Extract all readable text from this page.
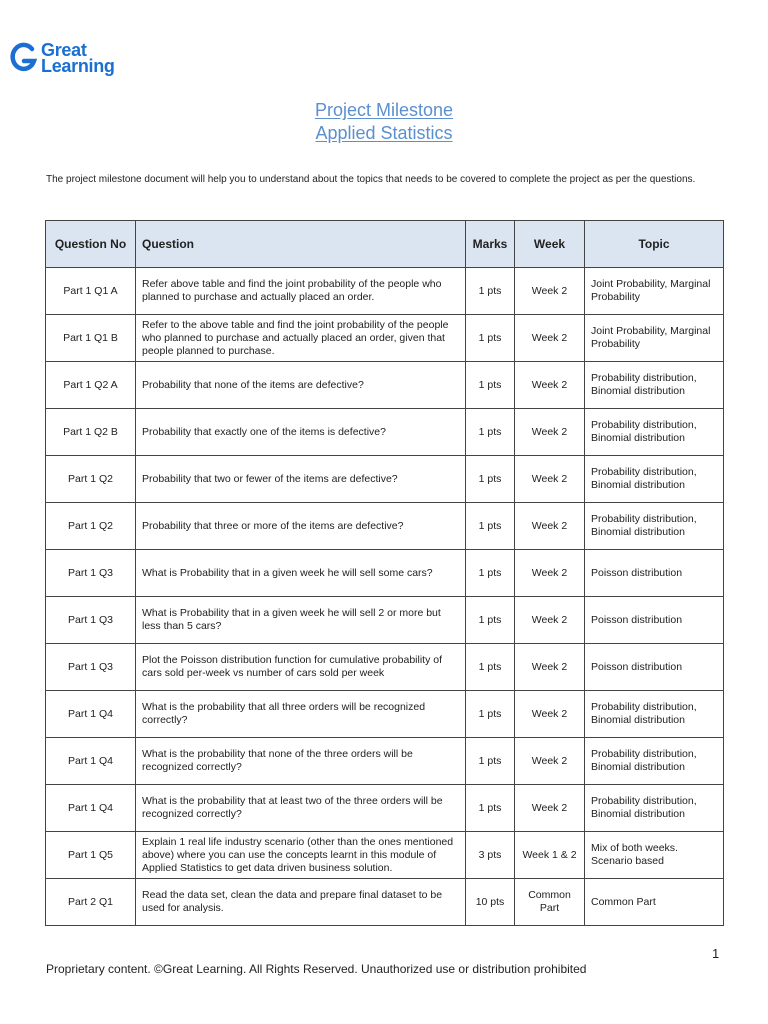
Great
Learning
Project Milestone
Applied Statistics
The project milestone document will help you to understand about the topics that needs to be covered to complete the project as per the questions.
Question No	Question	Marks	Week	Topic
Part 1 Q1 A	Refer above table and find the joint probability of the people who planned to purchase and actually placed an order.	1 pts	Week 2	Joint Probability, Marginal Probability
Part 1 Q1 B	Refer to the above table and find the joint probability of the people who planned to purchase and actually placed an order, given that people planned to purchase.	1 pts	Week 2	Joint Probability, Marginal Probability
Part 1 Q2 A	Probability that none of the items are defective?	1 pts	Week 2	Probability distribution, Binomial distribution
Part 1 Q2 B	Probability that exactly one of the items is defective?	1 pts	Week 2	Probability distribution, Binomial distribution
Part 1 Q2	Probability that two or fewer of the items are defective?	1 pts	Week 2	Probability distribution, Binomial distribution
Part 1 Q2	Probability that three or more of the items are defective?	1 pts	Week 2	Probability distribution, Binomial distribution
Part 1 Q3	What is Probability that in a given week he will sell some cars?	1 pts	Week 2	Poisson distribution
Part 1 Q3	What is Probability that in a given week he will sell 2 or more but less than 5 cars?	1 pts	Week 2	Poisson distribution
Part 1 Q3	Plot the Poisson distribution function for cumulative probability of cars sold per-week vs number of cars sold per week	1 pts	Week 2	Poisson distribution
Part 1 Q4	What is the probability that all three orders will be recognized correctly?	1 pts	Week 2	Probability distribution, Binomial distribution
Part 1 Q4	What is the probability that none of the three orders will be recognized correctly?	1 pts	Week 2	Probability distribution, Binomial distribution
Part 1 Q4	What is the probability that at least two of the three orders will be recognized correctly?	1 pts	Week 2	Probability distribution, Binomial distribution
Part 1 Q5	Explain 1 real life industry scenario (other than the ones mentioned above) where you can use the concepts learnt in this module of Applied Statistics to get data driven business solution.	3 pts	Week 1 & 2	Mix of both weeks. Scenario based
Part 2 Q1	Read the data set, clean the data and prepare final dataset to be used for analysis.	10 pts	Common Part	Common Part
1
Proprietary content. ©Great Learning. All Rights Reserved. Unauthorized use or distribution prohibited
